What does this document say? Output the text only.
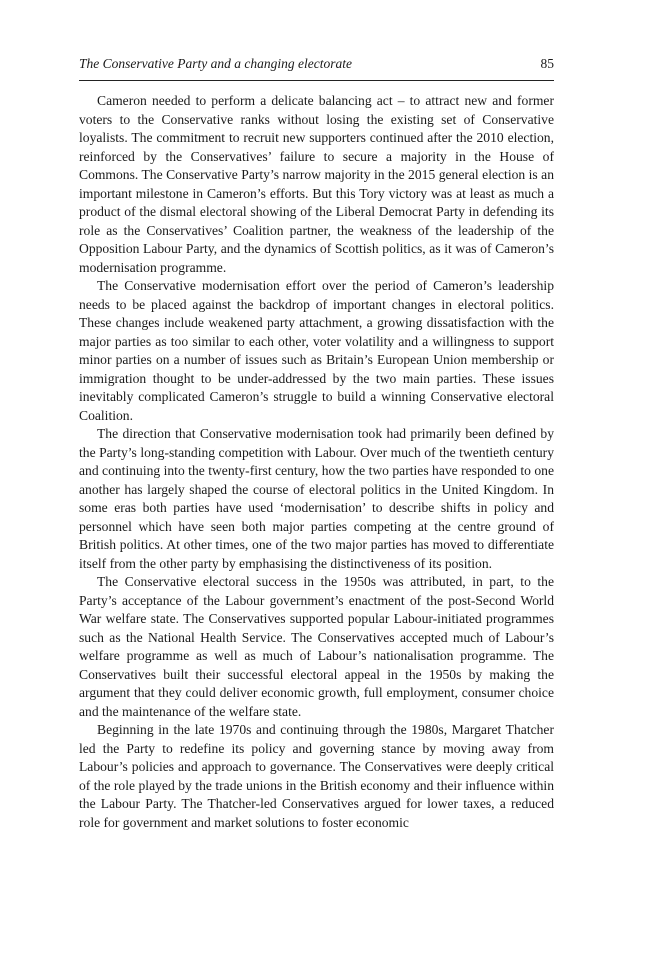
The Conservative Party and a changing electorate	85

Cameron needed to perform a delicate balancing act – to attract new and former voters to the Conservative ranks without losing the existing set of Conservative loyalists. The commitment to recruit new supporters continued after the 2010 election, reinforced by the Conservatives’ failure to secure a majority in the House of Commons. The Conservative Party’s narrow majority in the 2015 general election is an important milestone in Cameron’s efforts. But this Tory victory was at least as much a product of the dismal electoral showing of the Liberal Democrat Party in defending its role as the Conservatives’ Coalition partner, the weakness of the leadership of the Opposition Labour Party, and the dynamics of Scottish politics, as it was of Cameron’s modernisation programme.

The Conservative modernisation effort over the period of Cameron’s leadership needs to be placed against the backdrop of important changes in electoral politics. These changes include weakened party attachment, a growing dissatisfaction with the major parties as too similar to each other, voter volatility and a willingness to support minor parties on a number of issues such as Britain’s European Union membership or immigration thought to be under-addressed by the two main parties. These issues inevitably complicated Cameron’s struggle to build a winning Conservative electoral Coalition.

The direction that Conservative modernisation took had primarily been defined by the Party’s long-standing competition with Labour. Over much of the twentieth century and continuing into the twenty-first century, how the two parties have responded to one another has largely shaped the course of electoral politics in the United Kingdom. In some eras both parties have used ‘modernisation’ to describe shifts in policy and personnel which have seen both major parties competing at the centre ground of British politics. At other times, one of the two major parties has moved to differentiate itself from the other party by emphasising the distinctiveness of its position.

The Conservative electoral success in the 1950s was attributed, in part, to the Party’s acceptance of the Labour government’s enactment of the post-Second World War welfare state. The Conservatives supported popular Labour-initiated programmes such as the National Health Service. The Conservatives accepted much of Labour’s welfare programme as well as much of Labour’s nationalisation programme. The Conservatives built their successful electoral appeal in the 1950s by making the argument that they could deliver economic growth, full employment, consumer choice and the maintenance of the welfare state.

Beginning in the late 1970s and continuing through the 1980s, Margaret Thatcher led the Party to redefine its policy and governing stance by moving away from Labour’s policies and approach to governance. The Conservatives were deeply critical of the role played by the trade unions in the British economy and their influence within the Labour Party. The Thatcher-led Conservatives argued for lower taxes, a reduced role for government and market solutions to foster economic
